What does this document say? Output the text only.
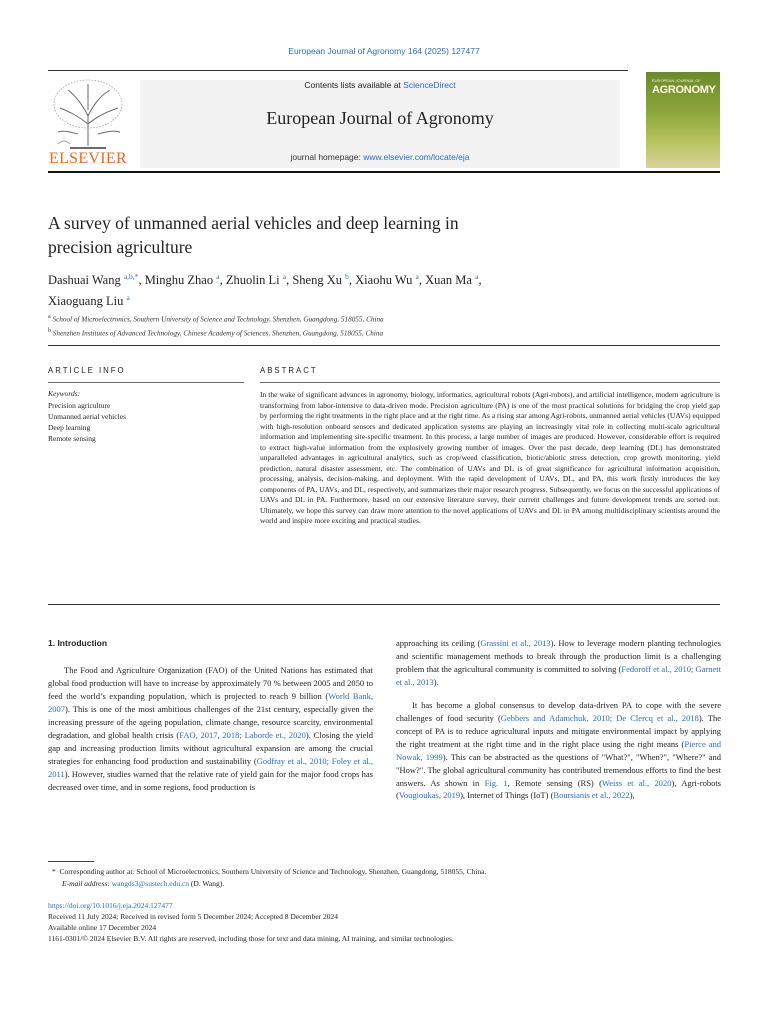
European Journal of Agronomy 164 (2025) 127477
ELSEVIER
Contents lists available at ScienceDirect
European Journal of Agronomy
journal homepage: www.elsevier.com/locate/eja
EUROPEAN JOURNAL OF
AGRONOMY
A survey of unmanned aerial vehicles and deep learning in
precision agriculture
Dashuai Wang $^{a,b,*}$, Minghu Zhao $^a$, Zhuolin Li $^a$, Sheng Xu $^b$, Xiaohu Wu $^a$, Xuan Ma $^a$,
Xiaoguang Liu $^a$
$^a$ School of Microelectronics, Southern University of Science and Technology, Shenzhen, Guangdong, 518055, China
$^b$ Shenzhen Institutes of Advanced Technology, Chinese Academy of Sciences, Shenzhen, Guangdong, 518055, China
ARTICLE INFO
Keywords:
Precision agriculture
Unmanned aerial vehicles
Deep learning
Remote sensing
ABSTRACT

In the wake of significant advances in agronomy, biology, informatics, agricultural robots (Agri-robots), and artificial intelligence, modern agriculture is transforming from labor-intensive to data-driven mode. Precision agriculture (PA) is one of the most practical solutions for bridging the crop yield gap by performing the right treatments in the right place and at the right time. As a rising star among Agri-robots, unmanned aerial vehicles (UAVs) equipped with high-resolution onboard sensors and dedicated application systems are playing an increasingly vital role in collecting multi-scale agricultural information and implementing site-specific treatment. In this process, a large number of images are produced. However, considerable effort is required to extract high-value information from the explosively growing number of images. Over the past decade, deep learning (DL) has demonstrated unparalleled advantages in agricultural analytics, such as crop/weed classification, biotic/abiotic stress detection, crop growth monitoring, yield prediction, natural disaster assessment, etc. The combination of UAVs and DL is of great significance for agricultural information acquisition, processing, analysis, decision-making, and deployment. With the rapid development of UAVs, DL, and PA, this work firstly introduces the key components of PA, UAVs, and DL, respectively, and summarizes their major research progress. Subsequently, we focus on the successful applications of UAVs and DL in PA. Furthermore, based on our extensive literature survey, their current challenges and future development trends are sorted out. Ultimately, we hope this survey can draw more attention to the novel applications of UAVs and DL in PA among multidisciplinary scientists around the world and inspire more exciting and practical studies.

1. Introduction

The Food and Agriculture Organization (FAO) of the United Nations has estimated that global food production will have to increase by approximately 70 % between 2005 and 2050 to feed the world’s expanding population, which is projected to reach 9 billion (World Bank, 2007). This is one of the most ambitious challenges of the 21st century, especially given the increasing pressure of the ageing population, climate change, resource scarcity, environmental degradation, and global health crisis (FAO, 2017, 2018; Laborde et., 2020). Closing the yield gap and increasing production limits without agricultural expansion are among the crucial strategies for enhancing food production and sustainability (Godfray et al., 2010; Foley et al., 2011). However, studies warned that the relative rate of yield gain for the major food crops has decreased over time, and in some regions, food production is

approaching its ceiling (Grassini et al., 2013). How to leverage modern planting technologies and scientific management methods to break through the production limit is a challenging problem that the agricultural community is committed to solving (Fedoroff et al., 2010; Garnett et al., 2013).

It has become a global consensus to develop data-driven PA to cope with the severe challenges of food security (Gebbers and Adamchuk, 2010; De Clercq et al., 2018). The concept of PA is to reduce agricultural inputs and mitigate environmental impact by applying the right treatment at the right time and in the right place using the right means (Pierce and Nowak, 1999). This can be abstracted as the questions of "What?", "When?", "Where?" and "How?". The global agricultural community has contributed tremendous efforts to find the best answers. As shown in Fig. 1, Remote sensing (RS) (Weiss et al., 2020), Agri-robots (Vougioukas, 2019), Internet of Things (IoT) (Boursianis et al., 2022),

* Corresponding author at: School of Microelectronics, Southern University of Science and Technology, Shenzhen, Guangdong, 518055, China.
E-mail address: wangds3@sustech.edu.cn (D. Wang).
https://doi.org/10.1016/j.eja.2024.127477
Received 11 July 2024; Received in revised form 5 December 2024; Accepted 8 December 2024
Available online 17 December 2024
1161-0301/© 2024 Elsevier B.V. All rights are reserved, including those for text and data mining, AI training, and similar technologies.
